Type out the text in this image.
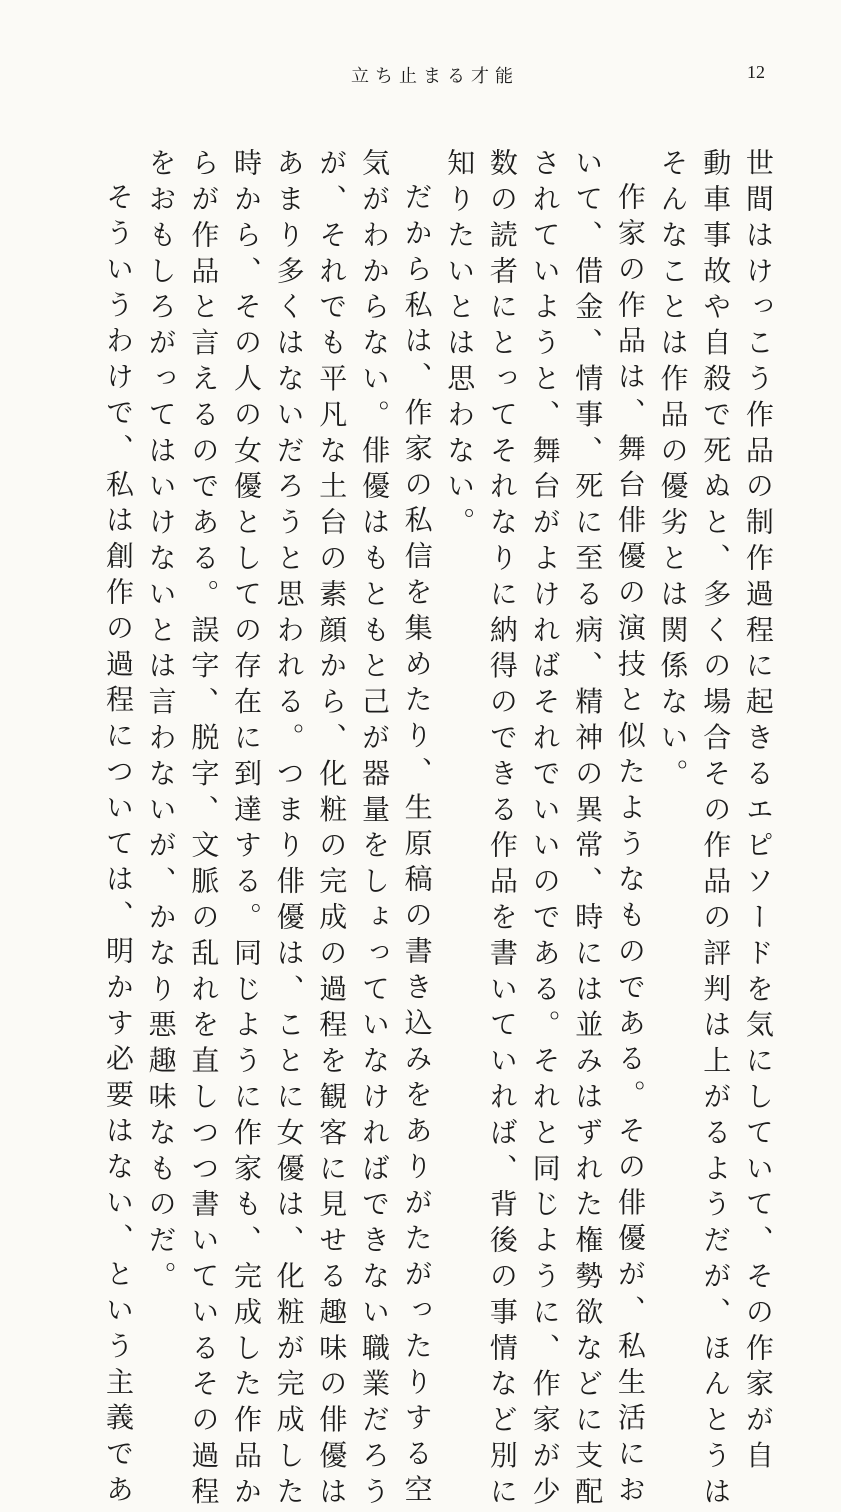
立ち止まる才能	12
世間はけっこう作品の制作過程に起きるエピソードを気にしていて、その作家が自
動車事故や自殺で死ぬと、多くの場合その作品の評判は上がるようだが、ほんとうは
そんなことは作品の優劣とは関係ない。
作家の作品は、舞台俳優の演技と似たようなものである。その俳優が、私生活にお
いて、借金、情事、死に至る病、精神の異常、時には並みはずれた権勢欲などに支配
されていようと、舞台がよければそれでいいのである。それと同じように、作家が少
数の読者にとってそれなりに納得のできる作品を書いていれば、背後の事情など別に
知りたいとは思わない。
だから私は、作家の私信を集めたり、生原稿の書き込みをありがたがったりする空
気がわからない。俳優はもともと己が器量をしょっていなければできない職業だろう
が、それでも平凡な土台の素顔から、化粧の完成の過程を観客に見せる趣味の俳優は
あまり多くはないだろうと思われる。つまり俳優は、ことに女優は、化粧が完成した
時から、その人の女優としての存在に到達する。同じように作家も、完成した作品か
らが作品と言えるのである。誤字、脱字、文脈の乱れを直しつつ書いているその過程
をおもしろがってはいけないとは言わないが、かなり悪趣味なものだ。
そういうわけで、私は創作の過程については、明かす必要はない、という主義であ
